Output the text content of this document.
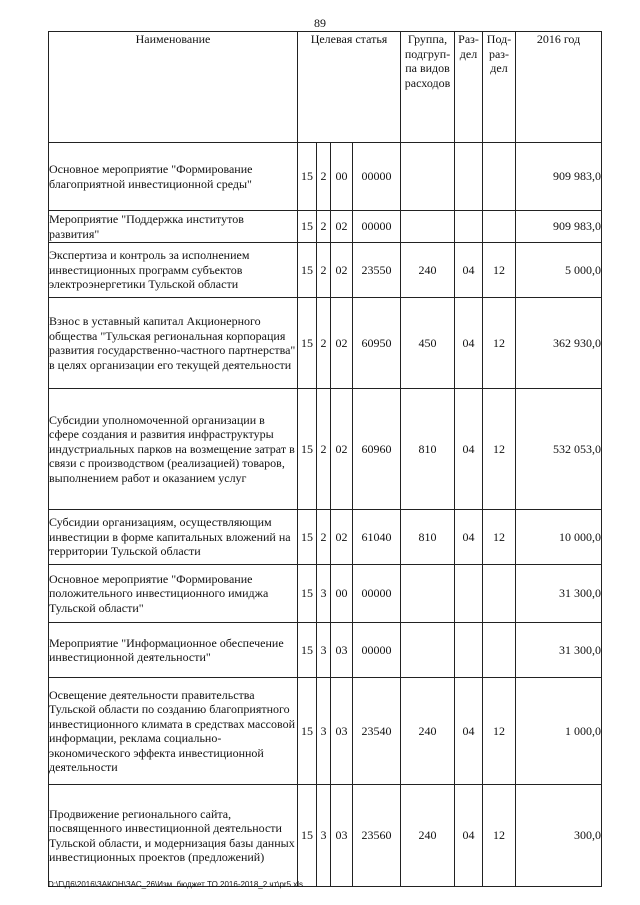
89
Наименование	Целевая статья				Группа, подгруп-па видов расходов	Раз-дел	Под-раз-дел	2016 год
Основное мероприятие "Формирование благоприятной инвестиционной среды"	15	2	00	00000				909 983,0
Мероприятие "Поддержка институтов развития"	15	2	02	00000				909 983,0
Экспертиза и контроль за исполнением инвестиционных программ субъектов электроэнергетики Тульской области	15	2	02	23550	240	04	12	5 000,0
Взнос в уставный капитал Акционерного общества "Тульская региональная корпорация развития государственно-частного партнерства" в целях организации его текущей деятельности	15	2	02	60950	450	04	12	362 930,0
Субсидии уполномоченной организации в сфере создания и развития инфраструктуры индустриальных парков на возмещение затрат в связи с производством (реализацией) товаров, выполнением работ и оказанием услуг	15	2	02	60960	810	04	12	532 053,0
Субсидии организациям, осуществляющим инвестиции в форме капитальных вложений на территории Тульской области	15	2	02	61040	810	04	12	10 000,0
Основное мероприятие "Формирование положительного инвестиционного имиджа Тульской области"	15	3	00	00000				31 300,0
Мероприятие "Информационное обеспечение инвестиционной деятельности"	15	3	03	00000				31 300,0
Освещение деятельности правительства Тульской области по созданию благоприятного инвестиционного климата в средствах массовой информации, реклама социально-экономического эффекта инвестиционной деятельности	15	3	03	23540	240	04	12	1 000,0
Продвижение регионального сайта, посвященного инвестиционной деятельности Тульской области, и модернизация базы данных инвестиционных проектов (предложений)	15	3	03	23560	240	04	12	300,0
D:\Г\Д6\2016\ЗАКОН\ЗАС_26\Изм. бюджет ТО 2016-2018_2 чт\pr5.xls
